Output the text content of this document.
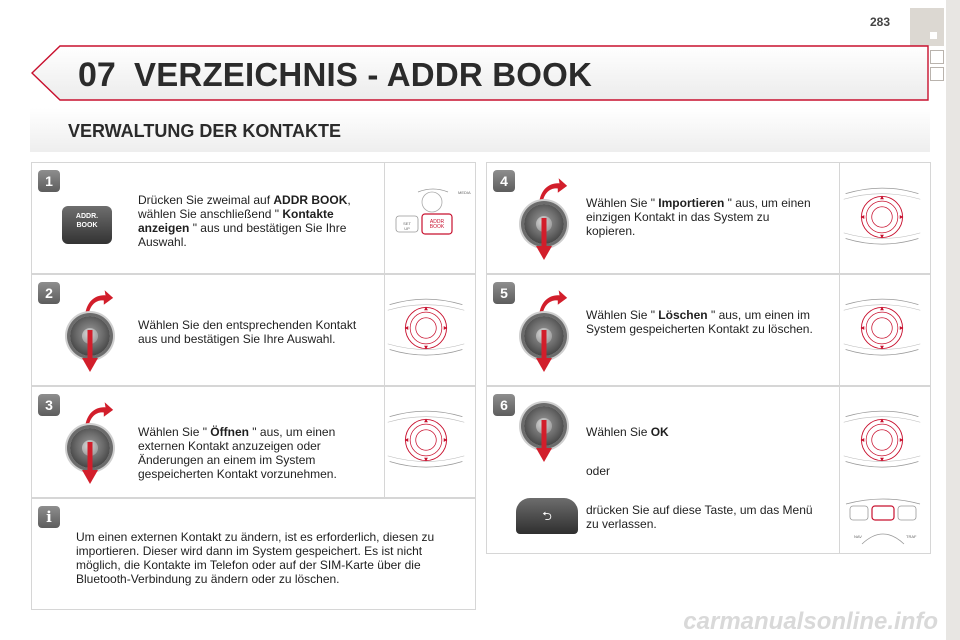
283
07 VERZEICHNIS - ADDR BOOK
VERWALTUNG DER KONTAKTE
1
ADDR.
BOOK
Drücken Sie zweimal auf ADDR BOOK, wählen Sie anschließend " Kontakte anzeigen " aus und bestätigen Sie Ihre Auswahl.
ADDR BOOK
SET UP
MEDIA
2
Wählen Sie den entsprechenden Kontakt aus und bestätigen Sie Ihre Auswahl.
3
Wählen Sie " Öffnen " aus, um einen externen Kontakt anzuzeigen oder Änderungen an einem im System gespeicherten Kontakt vorzunehmen.
i
Um einen externen Kontakt zu ändern, ist es erforderlich, diesen zu importieren. Dieser wird dann im System gespeichert. Es ist nicht möglich, die Kontakte im Telefon oder auf der SIM-Karte über die Bluetooth-Verbindung zu ändern oder zu löschen.
4
Wählen Sie " Importieren " aus, um einen einzigen Kontakt in das System zu kopieren.
5
Wählen Sie " Löschen " aus, um einen im System gespeicherten Kontakt zu löschen.
6
Wählen Sie OK
oder
⮌	drücken Sie auf diese Taste, um das Menü zu verlassen.
NAV	TRAF
carmanualsonline.info
